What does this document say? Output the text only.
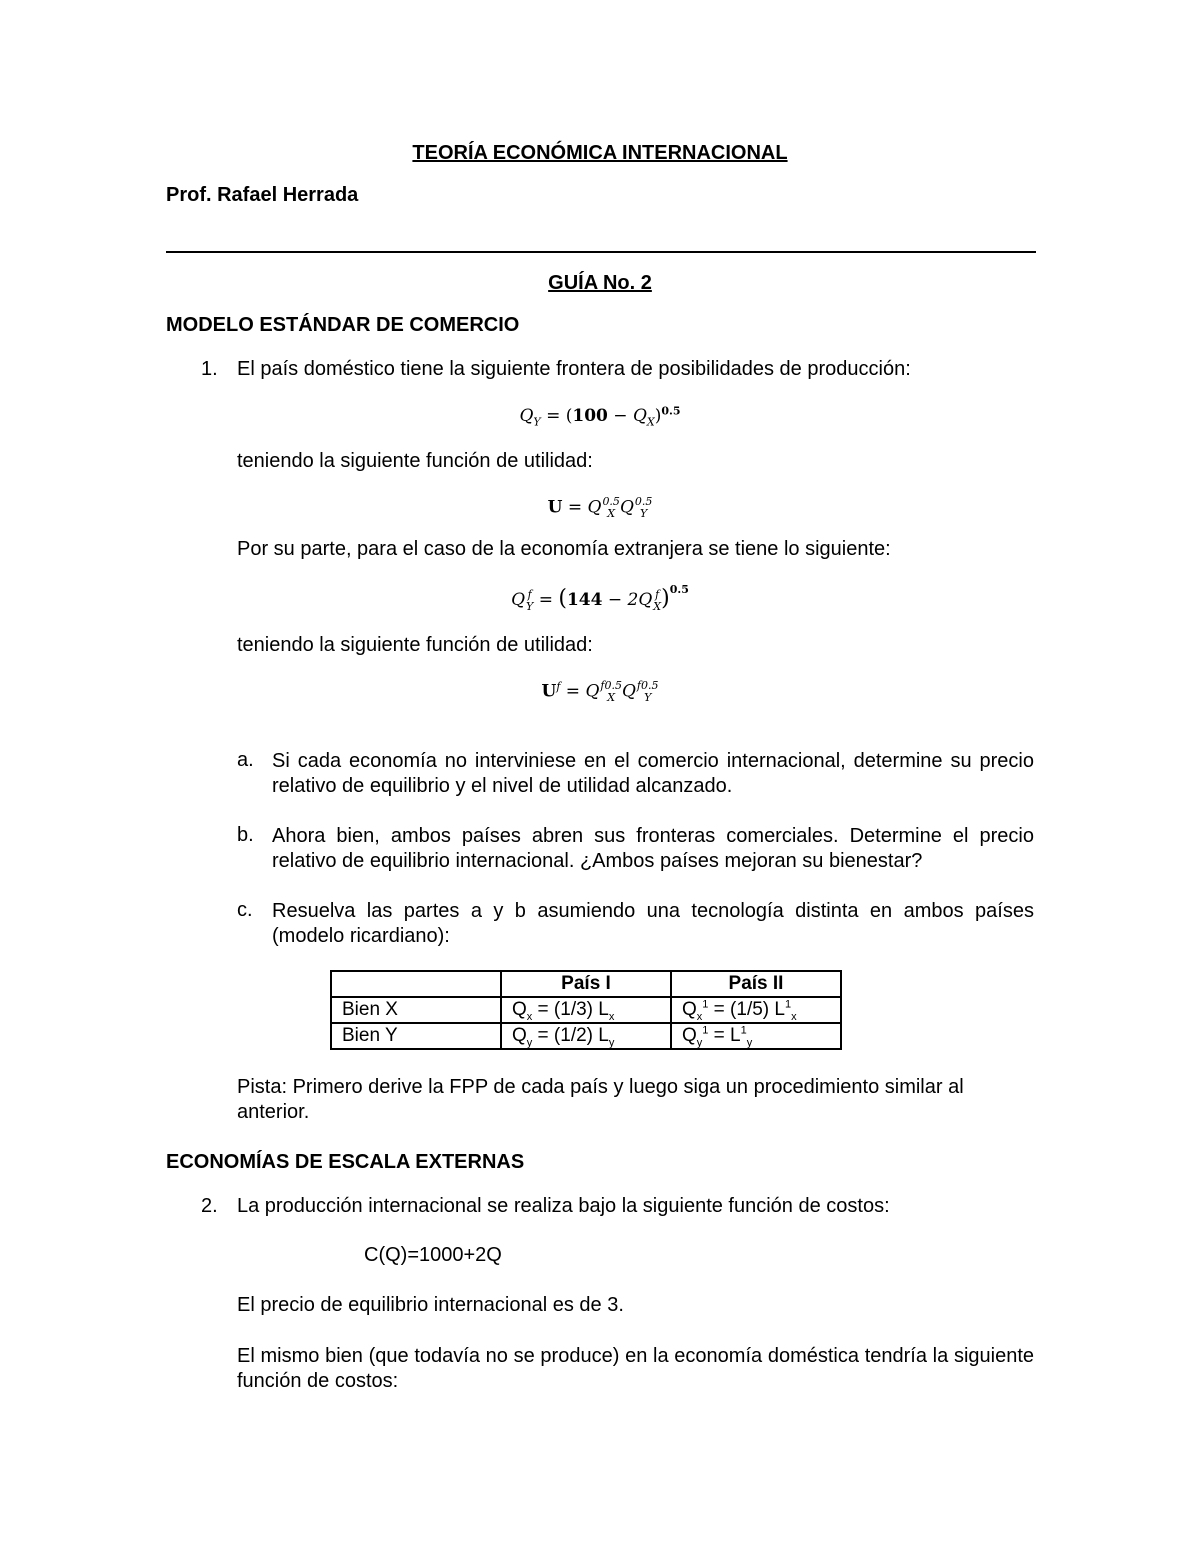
TEORÍA ECONÓMICA INTERNACIONAL
Prof. Rafael Herrada
GUÍA No. 2
MODELO ESTÁNDAR DE COMERCIO
1. El país doméstico tiene la siguiente frontera de posibilidades de producción:
$Q_Y = (100 - Q_X)^{0.5}$
teniendo la siguiente función de utilidad:
U = Q 0.5
X Q 0.5
Y
Por su parte, para el caso de la economía extranjera se tiene lo siguiente:
Q f
Y = (144 − 2Q f
X )$^{0.5}$
teniendo la siguiente función de utilidad:
$U^f = Q$ f0.5
X Q f0.5
Y
a. Si cada economía no interviniese en el comercio internacional, determine su precio relativo de equilibrio y el nivel de utilidad alcanzado.
b. Ahora bien, ambos países abren sus fronteras comerciales. Determine el precio relativo de equilibrio internacional. ¿Ambos países mejoran su bienestar?
c. Resuelva las partes a y b asumiendo una tecnología distinta en ambos países (modelo ricardiano):
	País I	País II
Bien X	$Q_x = (1/3)$ $L_x$	$Q_x^1 = (1/5)$ $L^1_x$
Bien Y	$Q_y = (1/2)$ $L_y$	$Q_y^1 = L^1_y$
Pista: Primero derive la FPP de cada país y luego siga un procedimiento similar al anterior.
ECONOMÍAS DE ESCALA EXTERNAS
2. La producción internacional se realiza bajo la siguiente función de costos:
C(Q)=1000+2Q
El precio de equilibrio internacional es de 3.
El mismo bien (que todavía no se produce) en la economía doméstica tendría la siguiente función de costos:
